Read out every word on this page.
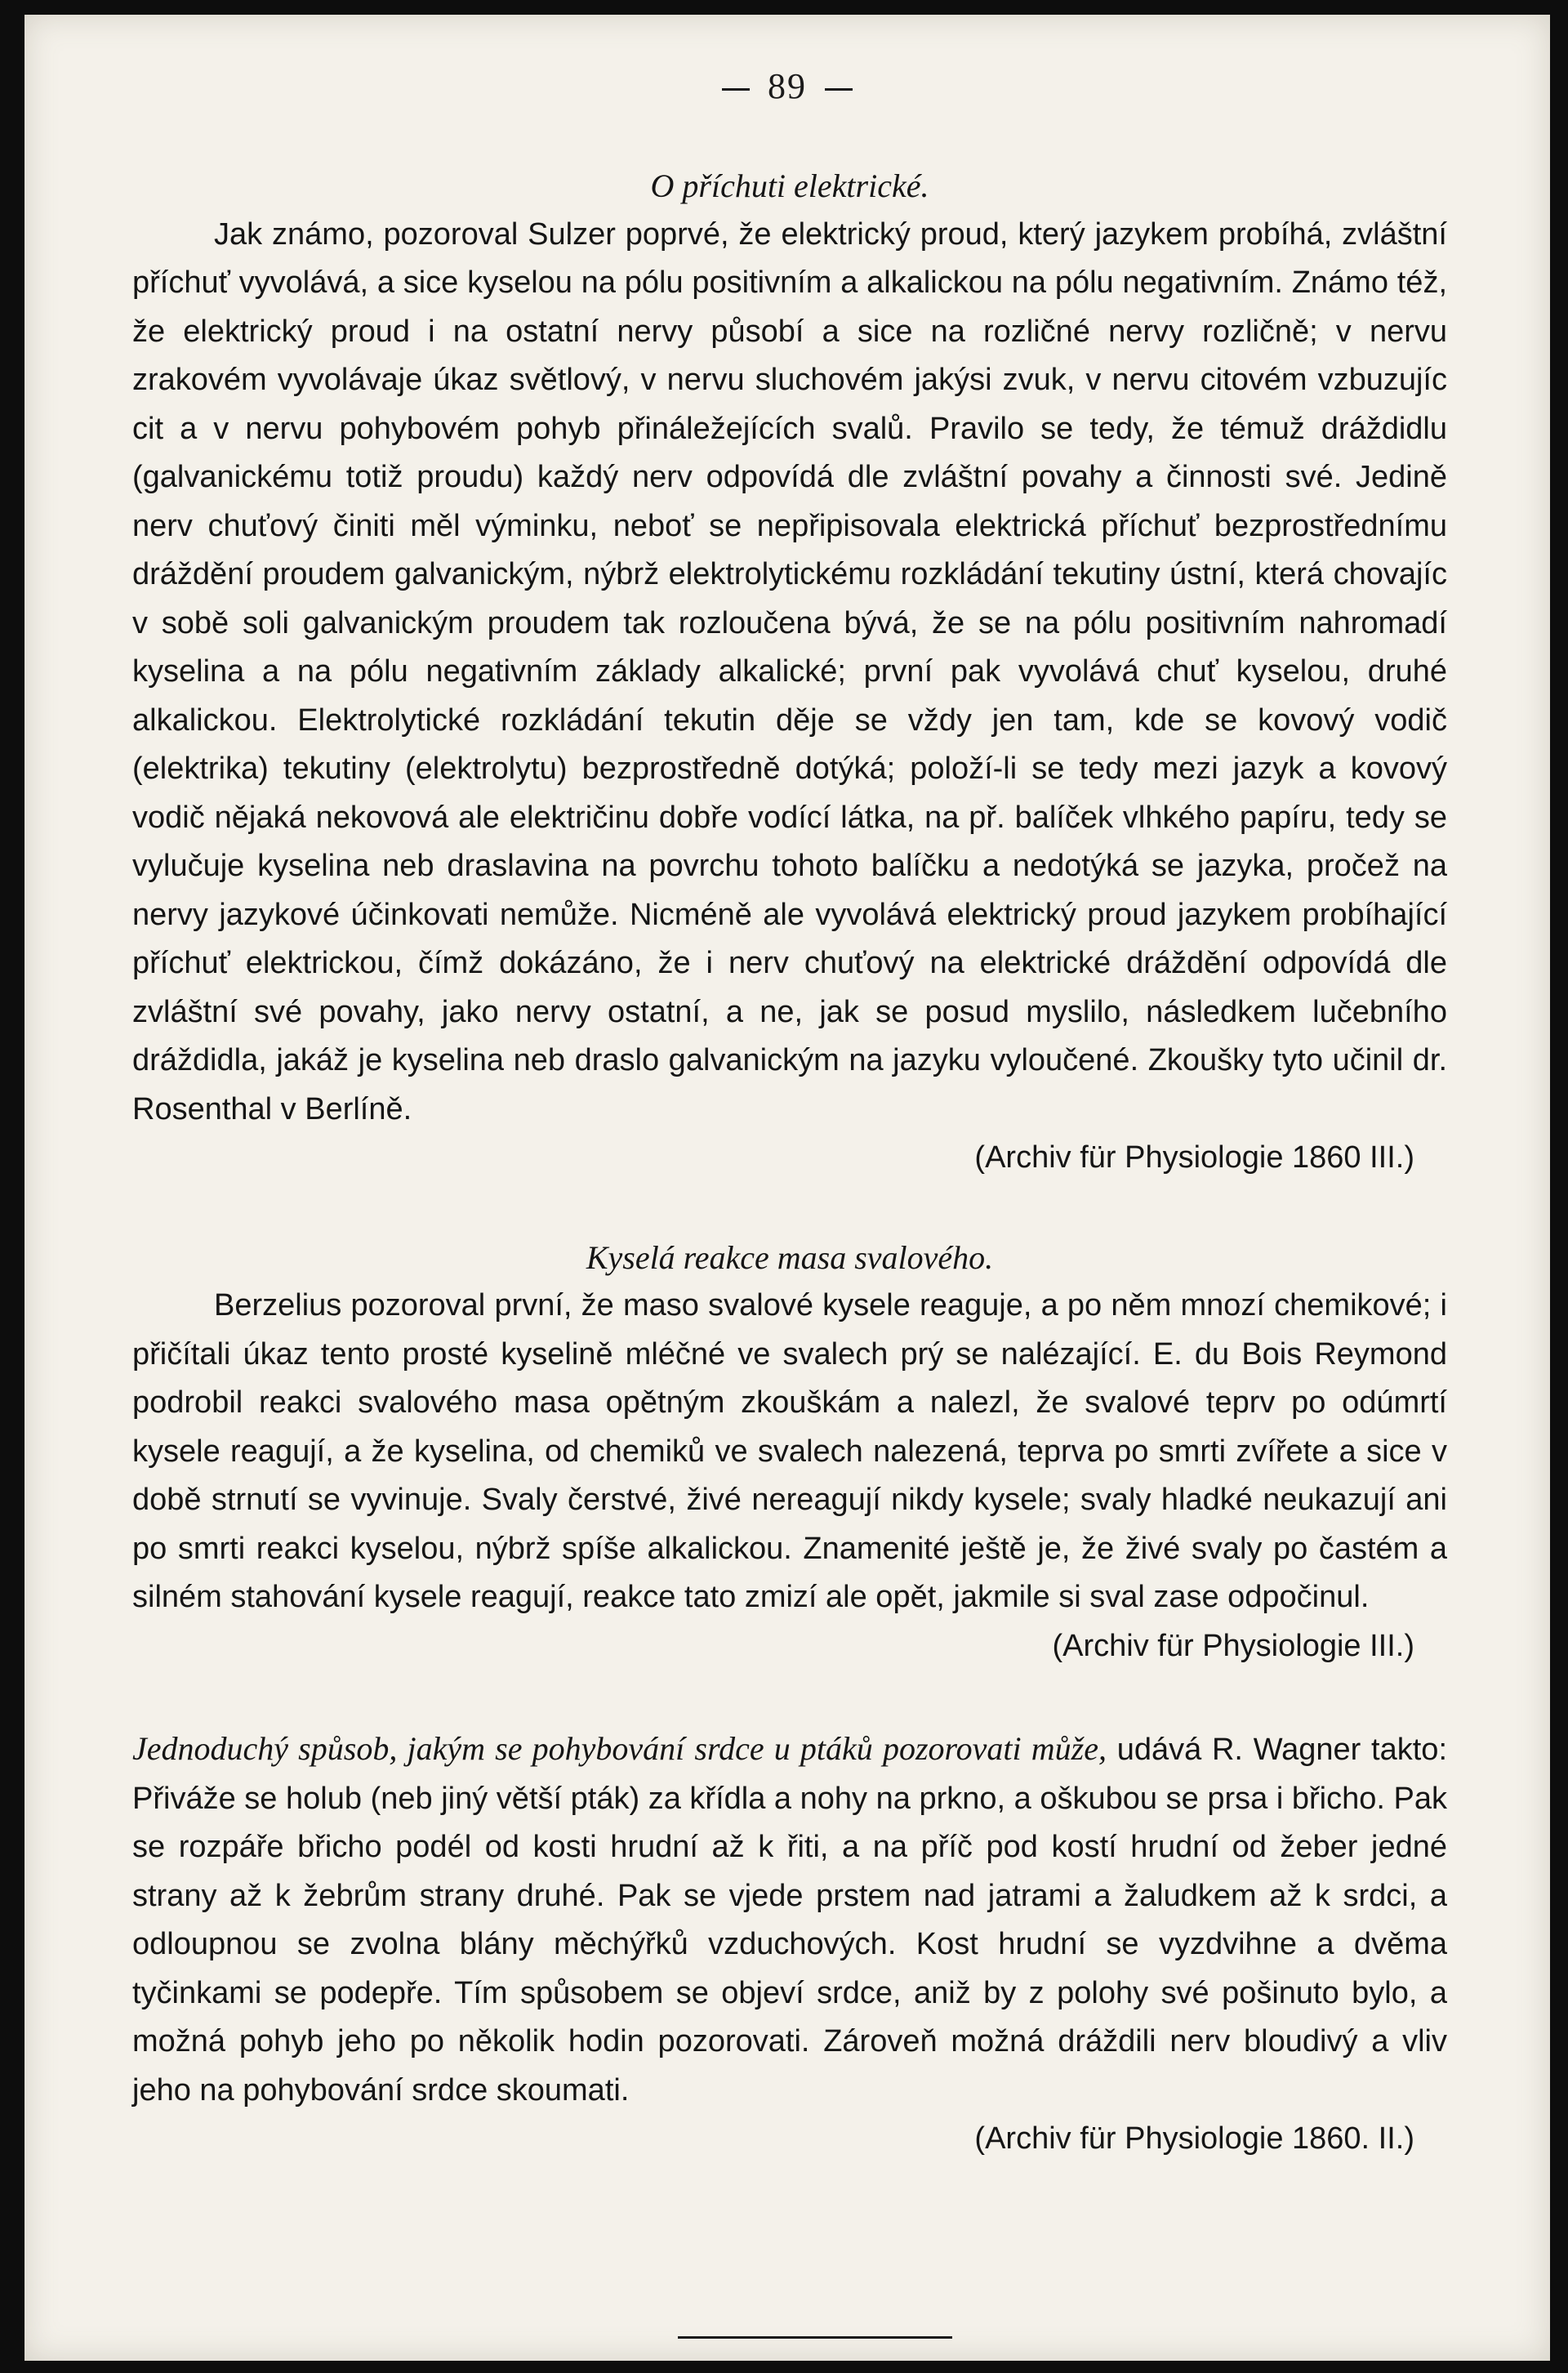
89

O příchuti elektrické.

Jak známo, pozoroval Sulzer poprvé, že elektrický proud, který jazykem probíhá, zvláštní příchuť vyvolává, a sice kyselou na pólu positivním a alkalickou na pólu negativním. Známo též, že elektrický proud i na ostatní nervy působí a sice na rozličné nervy rozličně; v nervu zrakovém vyvolávaje úkaz světlový, v nervu sluchovém jakýsi zvuk, v nervu citovém vzbuzujíc cit a v nervu pohybovém pohyb přináležejících svalů. Pravilo se tedy, že témuž dráždidlu (galvanickému totiž proudu) každý nerv odpovídá dle zvláštní povahy a činnosti své. Jedině nerv chuťový činiti měl výminku, neboť se nepřipisovala elektrická příchuť bezprostřednímu dráždění proudem galvanickým, nýbrž elektrolytickému rozkládání tekutiny ústní, která chovajíc v sobě soli galvanickým proudem tak rozloučena bývá, že se na pólu positivním nahromadí kyselina a na pólu negativním základy alkalické; první pak vyvolává chuť kyselou, druhé alkalickou. Elektrolytické rozkládání tekutin děje se vždy jen tam, kde se kovový vodič (elektrika) tekutiny (elektrolytu) bezprostředně dotýká; položí-li se tedy mezi jazyk a kovový vodič nějaká nekovová ale električinu dobře vodící látka, na př. balíček vlhkého papíru, tedy se vylučuje kyselina neb draslavina na povrchu tohoto balíčku a nedotýká se jazyka, pročež na nervy jazykové účinkovati nemůže. Nicméně ale vyvolává elektrický proud jazykem probíhající příchuť elektrickou, čímž dokázáno, že i nerv chuťový na elektrické dráždění odpovídá dle zvláštní své povahy, jako nervy ostatní, a ne, jak se posud myslilo, následkem lučebního dráždidla, jakáž je kyselina neb draslo galvanickým na jazyku vyloučené. Zkoušky tyto učinil dr. Rosenthal v Berlíně.

(Archiv für Physiologie 1860 III.)

Kyselá reakce masa svalového.

Berzelius pozoroval první, že maso svalové kysele reaguje, a po něm mnozí chemikové; i přičítali úkaz tento prosté kyselině mléčné ve svalech prý se nalézající. E. du Bois Reymond podrobil reakci svalového masa opětným zkouškám a nalezl, že svalové teprv po odúmrtí kysele reagují, a že kyselina, od chemiků ve svalech nalezená, teprva po smrti zvířete a sice v době strnutí se vyvinuje. Svaly čerstvé, živé nereagují nikdy kysele; svaly hladké neukazují ani po smrti reakci kyselou, nýbrž spíše alkalickou. Znamenité ještě je, že živé svaly po častém a silném stahování kysele reagují, reakce tato zmizí ale opět, jakmile si sval zase odpočinul.

(Archiv für Physiologie III.)

Jednoduchý spůsob, jakým se pohybování srdce u ptáků pozorovati může, udává R. Wagner takto: Přiváže se holub (neb jiný větší pták) za křídla a nohy na prkno, a oškubou se prsa i břicho. Pak se rozpáře břicho podél od kosti hrudní až k řiti, a na příč pod kostí hrudní od žeber jedné strany až k žebrům strany druhé. Pak se vjede prstem nad jatrami a žaludkem až k srdci, a odloupnou se zvolna blány měchýřků vzduchových. Kost hrudní se vyzdvihne a dvěma tyčinkami se podepře. Tím spůsobem se objeví srdce, aniž by z polohy své pošinuto bylo, a možná pohyb jeho po několik hodin pozorovati. Zároveň možná dráždili nerv bloudivý a vliv jeho na pohybování srdce skoumati.

(Archiv für Physiologie 1860. II.)
